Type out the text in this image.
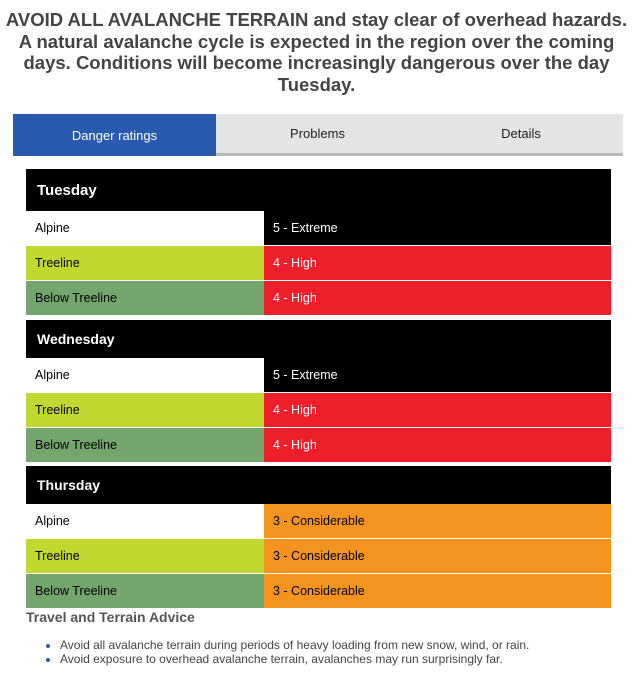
AVOID ALL AVALANCHE TERRAIN and stay clear of overhead hazards. A natural avalanche cycle is expected in the region over the coming days. Conditions will become increasingly dangerous over the day Tuesday.
Danger ratings	Problems	Details
Tuesday
Alpine	5 - Extreme
Treeline	4 - High
Below Treeline	4 - High
Wednesday
Alpine	5 - Extreme
Treeline	4 - High
Below Treeline	4 - High
Thursday
Alpine	3 - Considerable
Treeline	3 - Considerable
Below Treeline	3 - Considerable
Travel and Terrain Advice
• Avoid all avalanche terrain during periods of heavy loading from new snow, wind, or rain.
• Avoid exposure to overhead avalanche terrain, avalanches may run surprisingly far.
